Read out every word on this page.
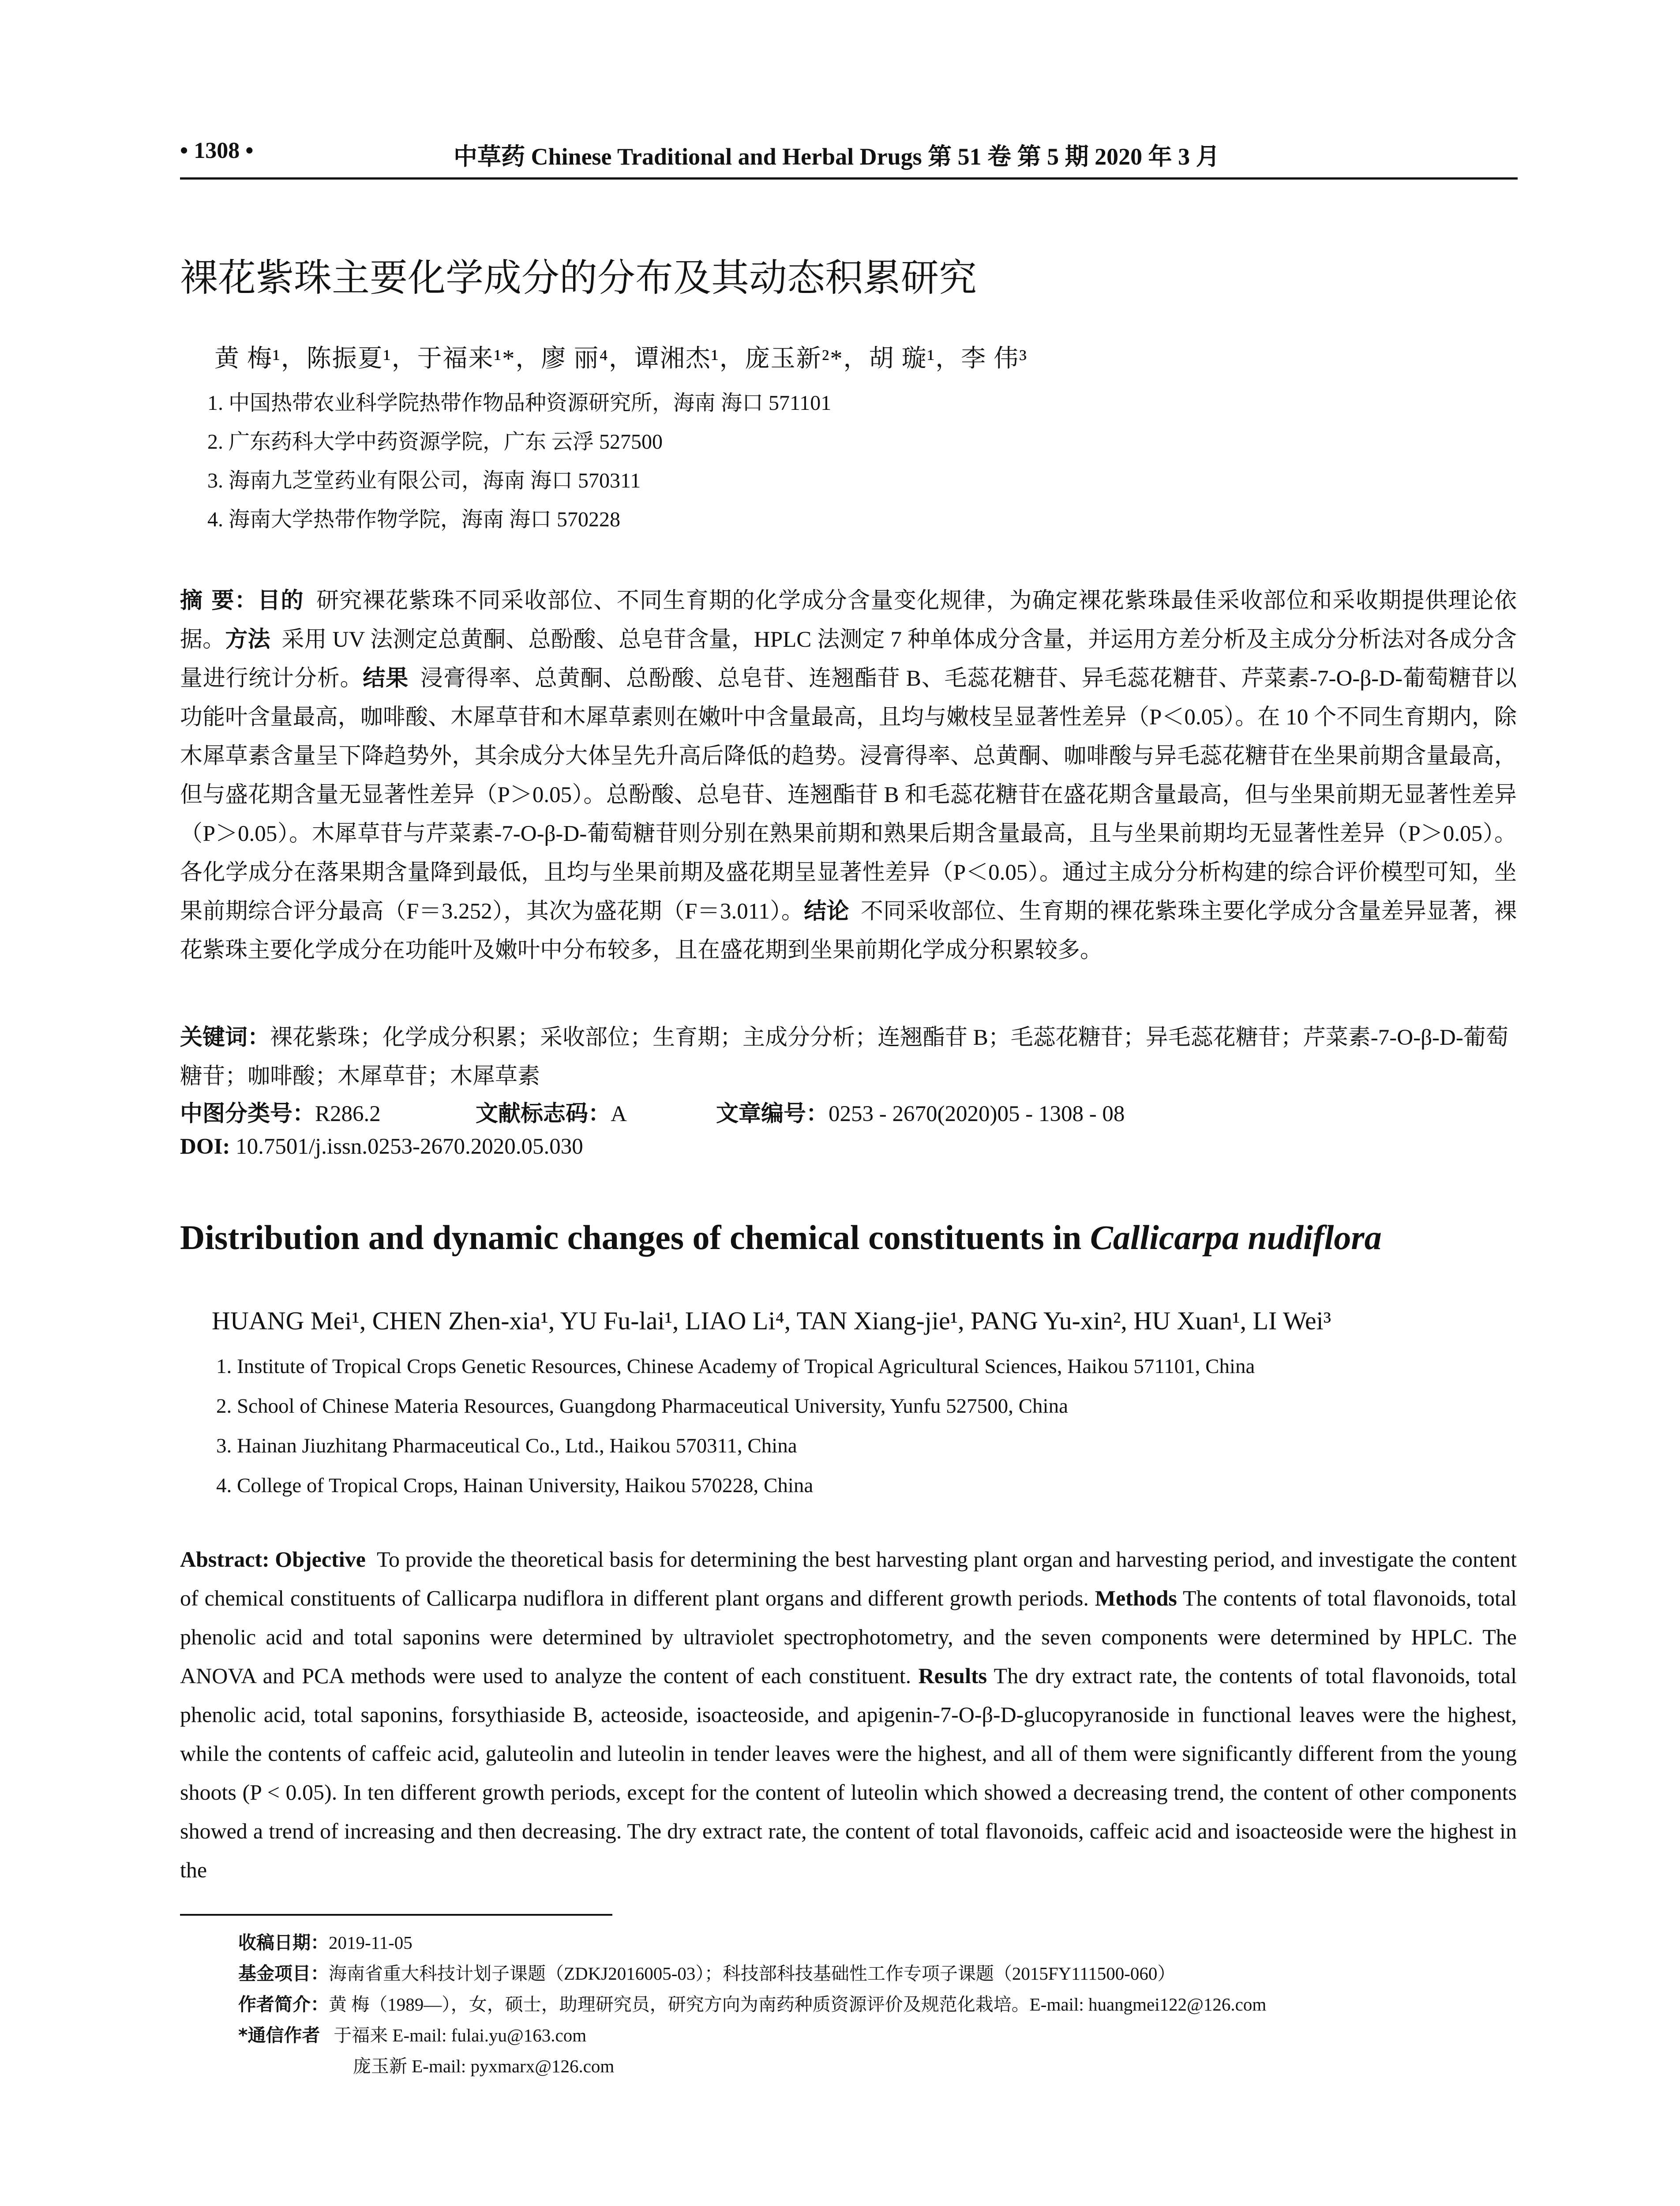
• 1308 •	中草药 Chinese Traditional and Herbal Drugs 第 51 卷 第 5 期 2020 年 3 月
裸花紫珠主要化学成分的分布及其动态积累研究
黄 梅¹，陈振夏¹，于福来¹*，廖 丽⁴，谭湘杰¹，庞玉新²*，胡 璇¹，李 伟³
1. 中国热带农业科学院热带作物品种资源研究所，海南 海口 571101
2. 广东药科大学中药资源学院，广东 云浮 527500
3. 海南九芝堂药业有限公司，海南 海口 570311
4. 海南大学热带作物学院，海南 海口 570228
摘 要：目的 研究裸花紫珠不同采收部位、不同生育期的化学成分含量变化规律，为确定裸花紫珠最佳采收部位和采收期提供理论依据。方法 采用 UV 法测定总黄酮、总酚酸、总皂苷含量，HPLC 法测定 7 种单体成分含量，并运用方差分析及主成分分析法对各成分含量进行统计分析。结果 浸膏得率、总黄酮、总酚酸、总皂苷、连翘酯苷 B、毛蕊花糖苷、异毛蕊花糖苷、芹菜素-7-O-β-D-葡萄糖苷以功能叶含量最高，咖啡酸、木犀草苷和木犀草素则在嫩叶中含量最高，且均与嫩枝呈显著性差异（P＜0.05）。在 10 个不同生育期内，除木犀草素含量呈下降趋势外，其余成分大体呈先升高后降低的趋势。浸膏得率、总黄酮、咖啡酸与异毛蕊花糖苷在坐果前期含量最高，但与盛花期含量无显著性差异（P＞0.05）。总酚酸、总皂苷、连翘酯苷 B 和毛蕊花糖苷在盛花期含量最高，但与坐果前期无显著性差异（P＞0.05）。木犀草苷与芹菜素-7-O-β-D-葡萄糖苷则分别在熟果前期和熟果后期含量最高，且与坐果前期均无显著性差异（P＞0.05）。各化学成分在落果期含量降到最低，且均与坐果前期及盛花期呈显著性差异（P＜0.05）。通过主成分分析构建的综合评价模型可知，坐果前期综合评分最高（F＝3.252），其次为盛花期（F＝3.011）。结论 不同采收部位、生育期的裸花紫珠主要化学成分含量差异显著，裸花紫珠主要化学成分在功能叶及嫩叶中分布较多，且在盛花期到坐果前期化学成分积累较多。
关键词：裸花紫珠；化学成分积累；采收部位；生育期；主成分分析；连翘酯苷 B；毛蕊花糖苷；异毛蕊花糖苷；芹菜素-7-O-β-D-葡萄糖苷；咖啡酸；木犀草苷；木犀草素
中图分类号：R286.2	文献标志码：A	文章编号：0253 - 2670(2020)05 - 1308 - 08
DOI: 10.7501/j.issn.0253-2670.2020.05.030
Distribution and dynamic changes of chemical constituents in Callicarpa nudiflora
HUANG Mei¹, CHEN Zhen-xia¹, YU Fu-lai¹, LIAO Li⁴, TAN Xiang-jie¹, PANG Yu-xin², HU Xuan¹, LI Wei³
1. Institute of Tropical Crops Genetic Resources, Chinese Academy of Tropical Agricultural Sciences, Haikou 571101, China
2. School of Chinese Materia Resources, Guangdong Pharmaceutical University, Yunfu 527500, China
3. Hainan Jiuzhitang Pharmaceutical Co., Ltd., Haikou 570311, China
4. College of Tropical Crops, Hainan University, Haikou 570228, China
Abstract: Objective To provide the theoretical basis for determining the best harvesting plant organ and harvesting period, and investigate the content of chemical constituents of Callicarpa nudiflora in different plant organs and different growth periods. Methods The contents of total flavonoids, total phenolic acid and total saponins were determined by ultraviolet spectrophotometry, and the seven components were determined by HPLC. The ANOVA and PCA methods were used to analyze the content of each constituent. Results The dry extract rate, the contents of total flavonoids, total phenolic acid, total saponins, forsythiaside B, acteoside, isoacteoside, and apigenin-7-O-β-D-glucopyranoside in functional leaves were the highest, while the contents of caffeic acid, galuteolin and luteolin in tender leaves were the highest, and all of them were significantly different from the young shoots (P < 0.05). In ten different growth periods, except for the content of luteolin which showed a decreasing trend, the content of other components showed a trend of increasing and then decreasing. The dry extract rate, the content of total flavonoids, caffeic acid and isoacteoside were the highest in the
收稿日期：2019-11-05
基金项目：海南省重大科技计划子课题（ZDKJ2016005-03）；科技部科技基础性工作专项子课题（2015FY111500-060）
作者简介：黄 梅（1989—），女，硕士，助理研究员，研究方向为南药种质资源评价及规范化栽培。E-mail: huangmei122@126.com
*通信作者 于福来 E-mail: fulai.yu@163.com
庞玉新 E-mail: pyxmarx@126.com
